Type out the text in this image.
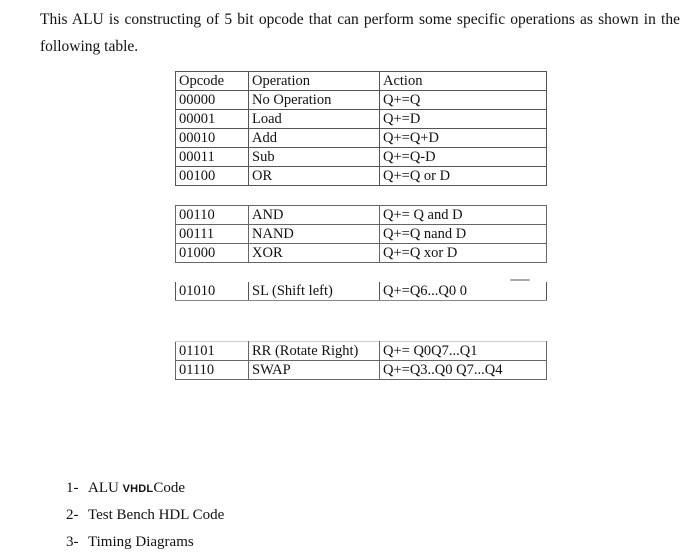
This ALU is constructing of 5 bit opcode that can perform some specific operations as shown in the following table.
Opcode	Operation	Action
00000	No Operation	Q+=Q
00001	Load	Q+=D
00010	Add	Q+=Q+D
00011	Sub	Q+=Q-D
00100	OR	Q+=Q or D
00110	AND	Q+= Q and D
00111	NAND	Q+=Q nand D
01000	XOR	Q+=Q xor D
01010	SL (Shift left)	Q+=Q6...Q0 0
01101	RR (Rotate Right)	Q+= Q0Q7...Q1
01110	SWAP	Q+=Q3..Q0 Q7...Q4
1- ALU VHDLCode
2- Test Bench HDL Code
3- Timing Diagrams
